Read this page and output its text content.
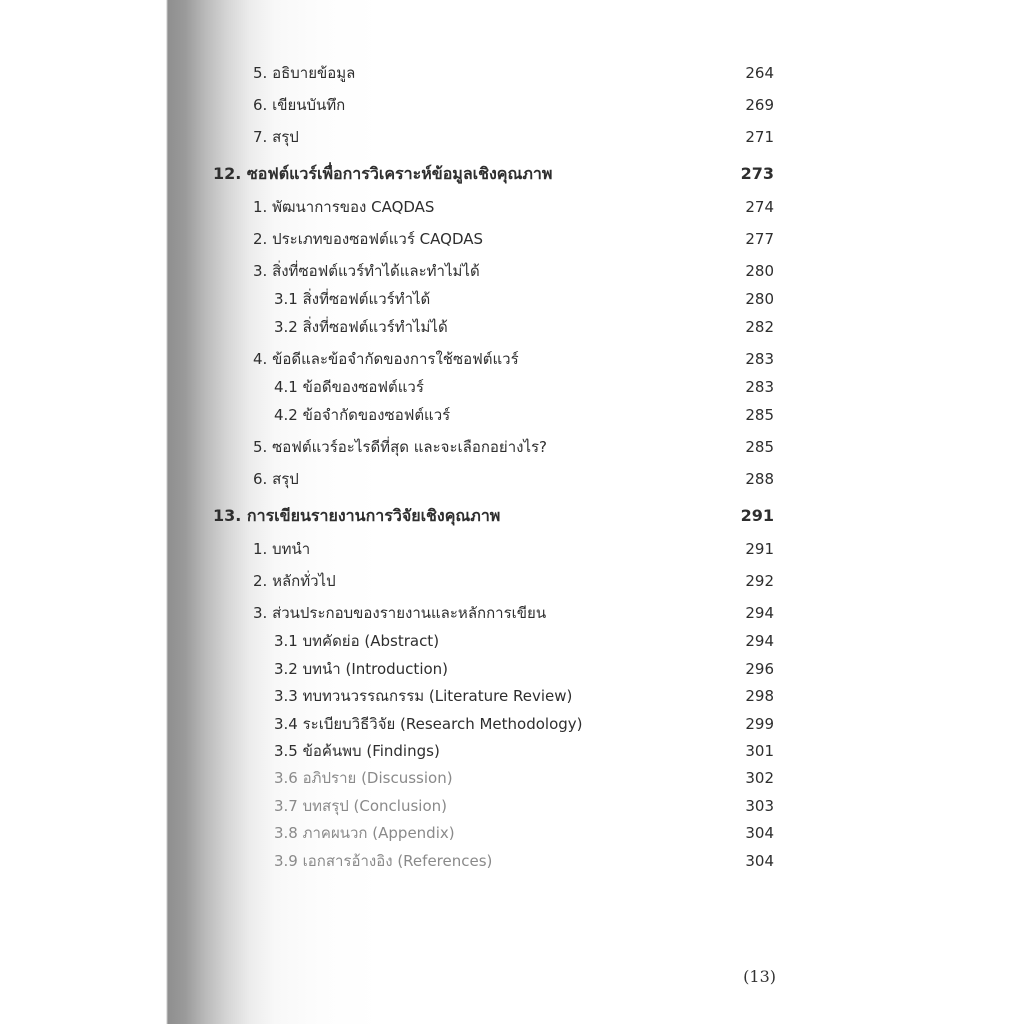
5. อธิบายข้อมูล	264
6. เขียนบันทึก	269
7. สรุป	271
12. ซอฟต์แวร์เพื่อการวิเคราะห์ข้อมูลเชิงคุณภาพ	273
1. พัฒนาการของ CAQDAS	274
2. ประเภทของซอฟต์แวร์ CAQDAS	277
3. สิ่งที่ซอฟต์แวร์ทำได้และทำไม่ได้	280
3.1 สิ่งที่ซอฟต์แวร์ทำได้	280
3.2 สิ่งที่ซอฟต์แวร์ทำไม่ได้	282
4. ข้อดีและข้อจำกัดของการใช้ซอฟต์แวร์	283
4.1 ข้อดีของซอฟต์แวร์	283
4.2 ข้อจำกัดของซอฟต์แวร์	285
5. ซอฟต์แวร์อะไรดีที่สุด และจะเลือกอย่างไร?	285
6. สรุป	288
13. การเขียนรายงานการวิจัยเชิงคุณภาพ	291
1. บทนำ	291
2. หลักทั่วไป	292
3. ส่วนประกอบของรายงานและหลักการเขียน	294
3.1 บทคัดย่อ (Abstract)	294
3.2 บทนำ (Introduction)	296
3.3 ทบทวนวรรณกรรม (Literature Review)	298
3.4 ระเบียบวิธีวิจัย (Research Methodology)	299
3.5 ข้อค้นพบ (Findings)	301
3.6 อภิปราย (Discussion)	302
3.7 บทสรุป (Conclusion)	303
3.8 ภาคผนวก (Appendix)	304
3.9 เอกสารอ้างอิง (References)	304
(13)
